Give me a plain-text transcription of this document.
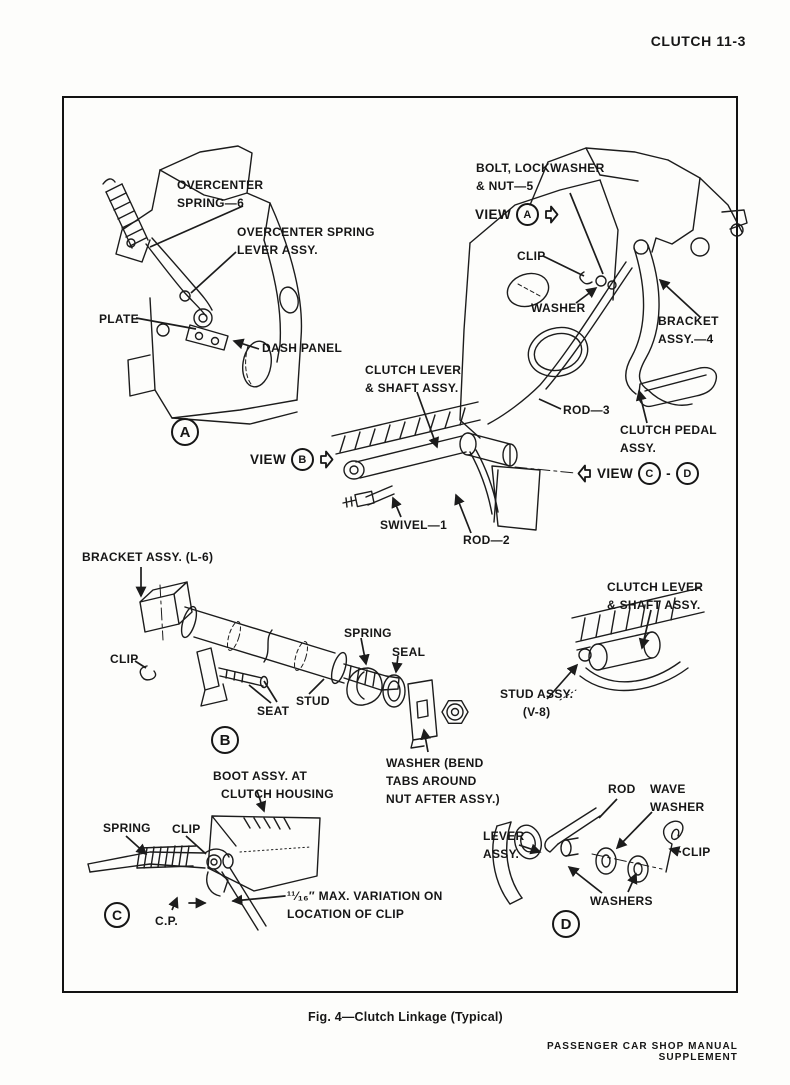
CLUTCH 11-3
OVERCENTER
SPRING—6
OVERCENTER SPRING
LEVER ASSY.
PLATE
DASH PANEL
A
BOLT, LOCKWASHER
& NUT—5
VIEW	A
CLIP
WASHER
BRACKET
ASSY.—4
CLUTCH LEVER
& SHAFT ASSY.
ROD—3
CLUTCH PEDAL
ASSY.
VIEW	B
VIEW	C -	D
SWIVEL—1
ROD—2
BRACKET ASSY. (L-6)
CLIP
SEAT
STUD
SPRING
SEAL
B
WASHER (BEND
TABS AROUND
NUT AFTER ASSY.)
CLUTCH LEVER
& SHAFT ASSY.
STUD ASSY.
(V-8)
BOOT ASSY. AT
CLUTCH HOUSING
SPRING CLIP
C.P.
C
¹¹⁄₁₆″ MAX. VARIATION ON
LOCATION OF CLIP
ROD WAVE
WASHER
LEVER
ASSY.	CLIP
WASHERS
D
Fig. 4—Clutch Linkage (Typical)
PASSENGER CAR SHOP MANUAL SUPPLEMENT
